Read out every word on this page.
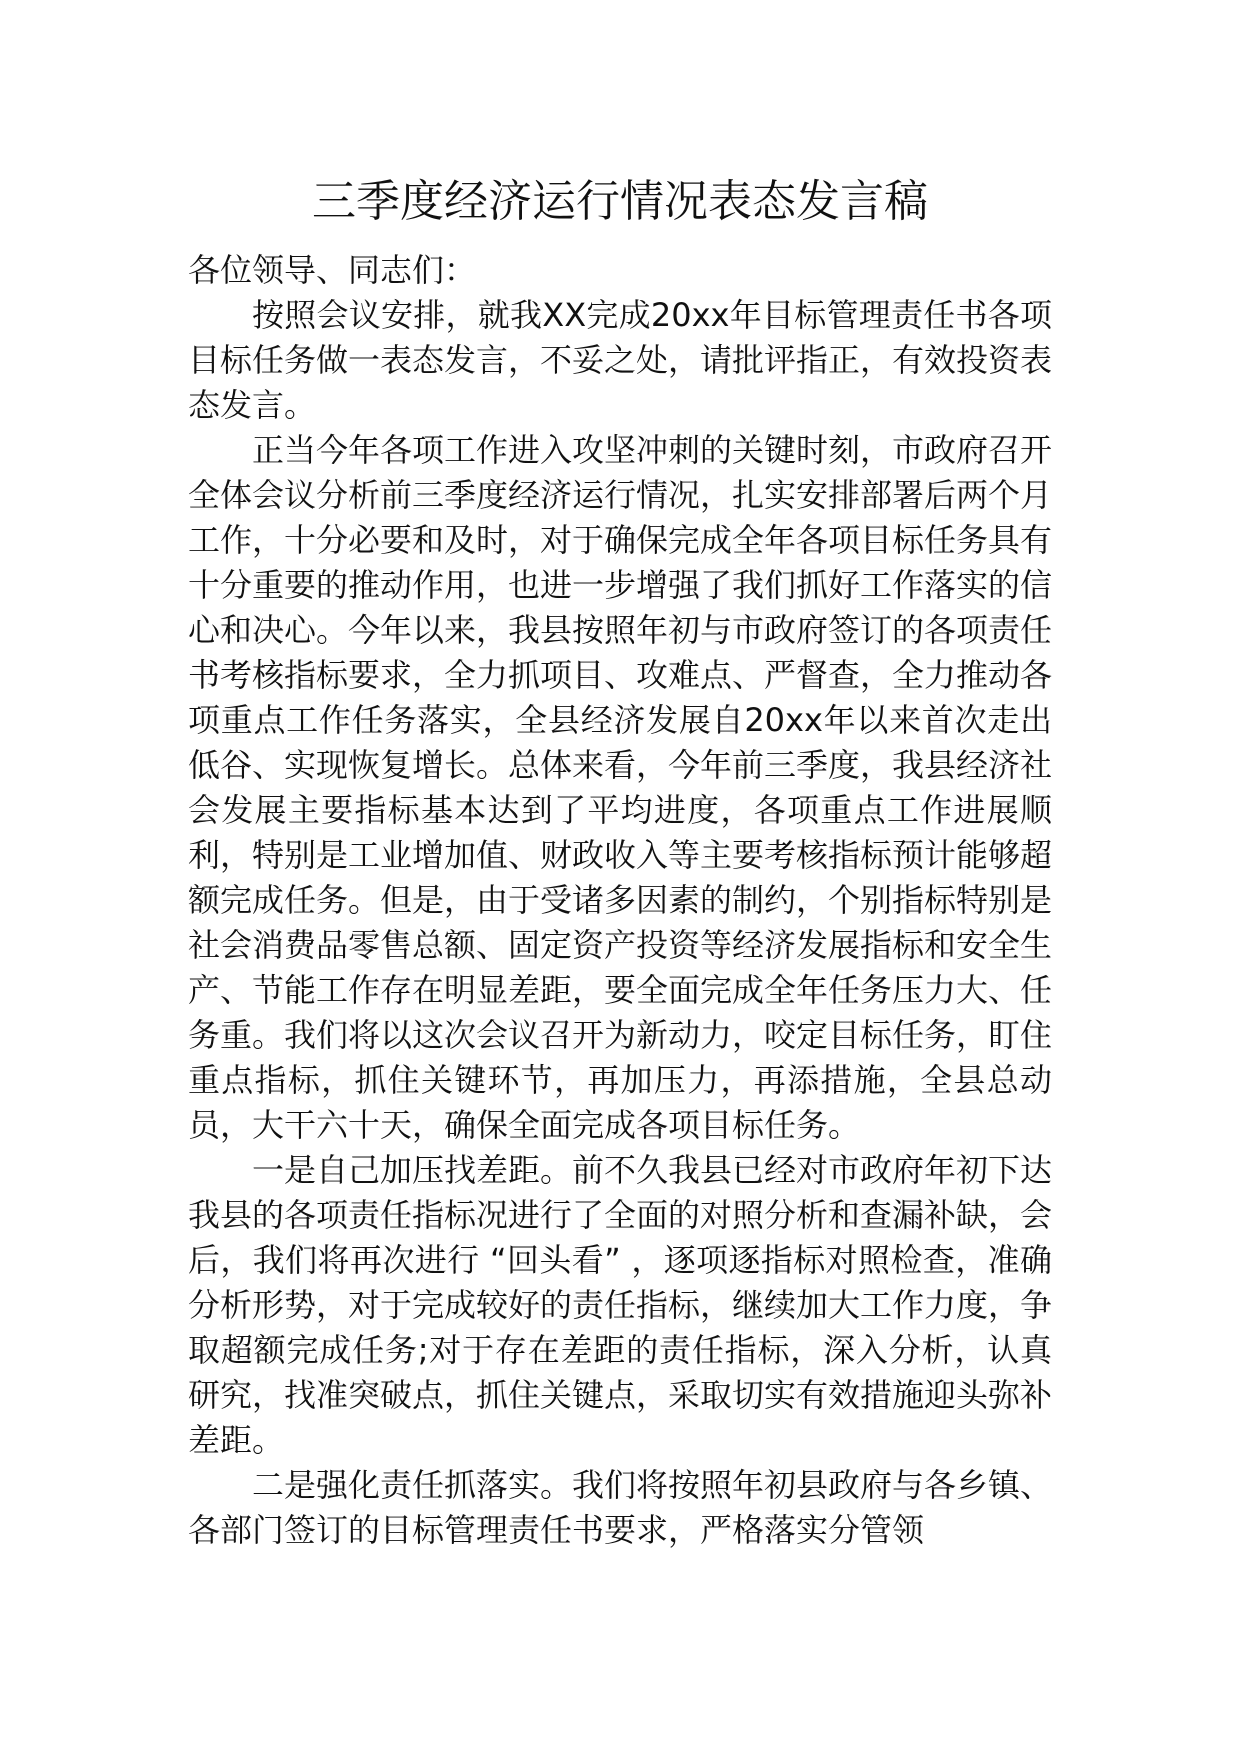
三季度经济运行情况表态发言稿

各位领导、同志们：

按照会议安排，就我XX完成20xx年目标管理责任书各项目标任务做一表态发言，不妥之处，请批评指正，有效投资表态发言。

正当今年各项工作进入攻坚冲刺的关键时刻，市政府召开全体会议分析前三季度经济运行情况，扎实安排部署后两个月工作，十分必要和及时，对于确保完成全年各项目标任务具有十分重要的推动作用，也进一步增强了我们抓好工作落实的信心和决心。今年以来，我县按照年初与市政府签订的各项责任书考核指标要求，全力抓项目、攻难点、严督查，全力推动各项重点工作任务落实，全县经济发展自20xx年以来首次走出低谷、实现恢复增长。总体来看，今年前三季度，我县经济社会发展主要指标基本达到了平均进度，各项重点工作进展顺利，特别是工业增加值、财政收入等主要考核指标预计能够超额完成任务。但是，由于受诸多因素的制约，个别指标特别是社会消费品零售总额、固定资产投资等经济发展指标和安全生产、节能工作存在明显差距，要全面完成全年任务压力大、任务重。我们将以这次会议召开为新动力，咬定目标任务，盯住重点指标，抓住关键环节，再加压力，再添措施，全县总动员，大干六十天，确保全面完成各项目标任务。

一是自己加压找差距。前不久我县已经对市政府年初下达我县的各项责任指标况进行了全面的对照分析和查漏补缺，会后，我们将再次进行 “回头看” ，逐项逐指标对照检查，准确分析形势，对于完成较好的责任指标，继续加大工作力度，争取超额完成任务;对于存在差距的责任指标，深入分析，认真研究，找准突破点，抓住关键点，采取切实有效措施迎头弥补差距。

二是强化责任抓落实。我们将按照年初县政府与各乡镇、各部门签订的目标管理责任书要求，严格落实分管领
